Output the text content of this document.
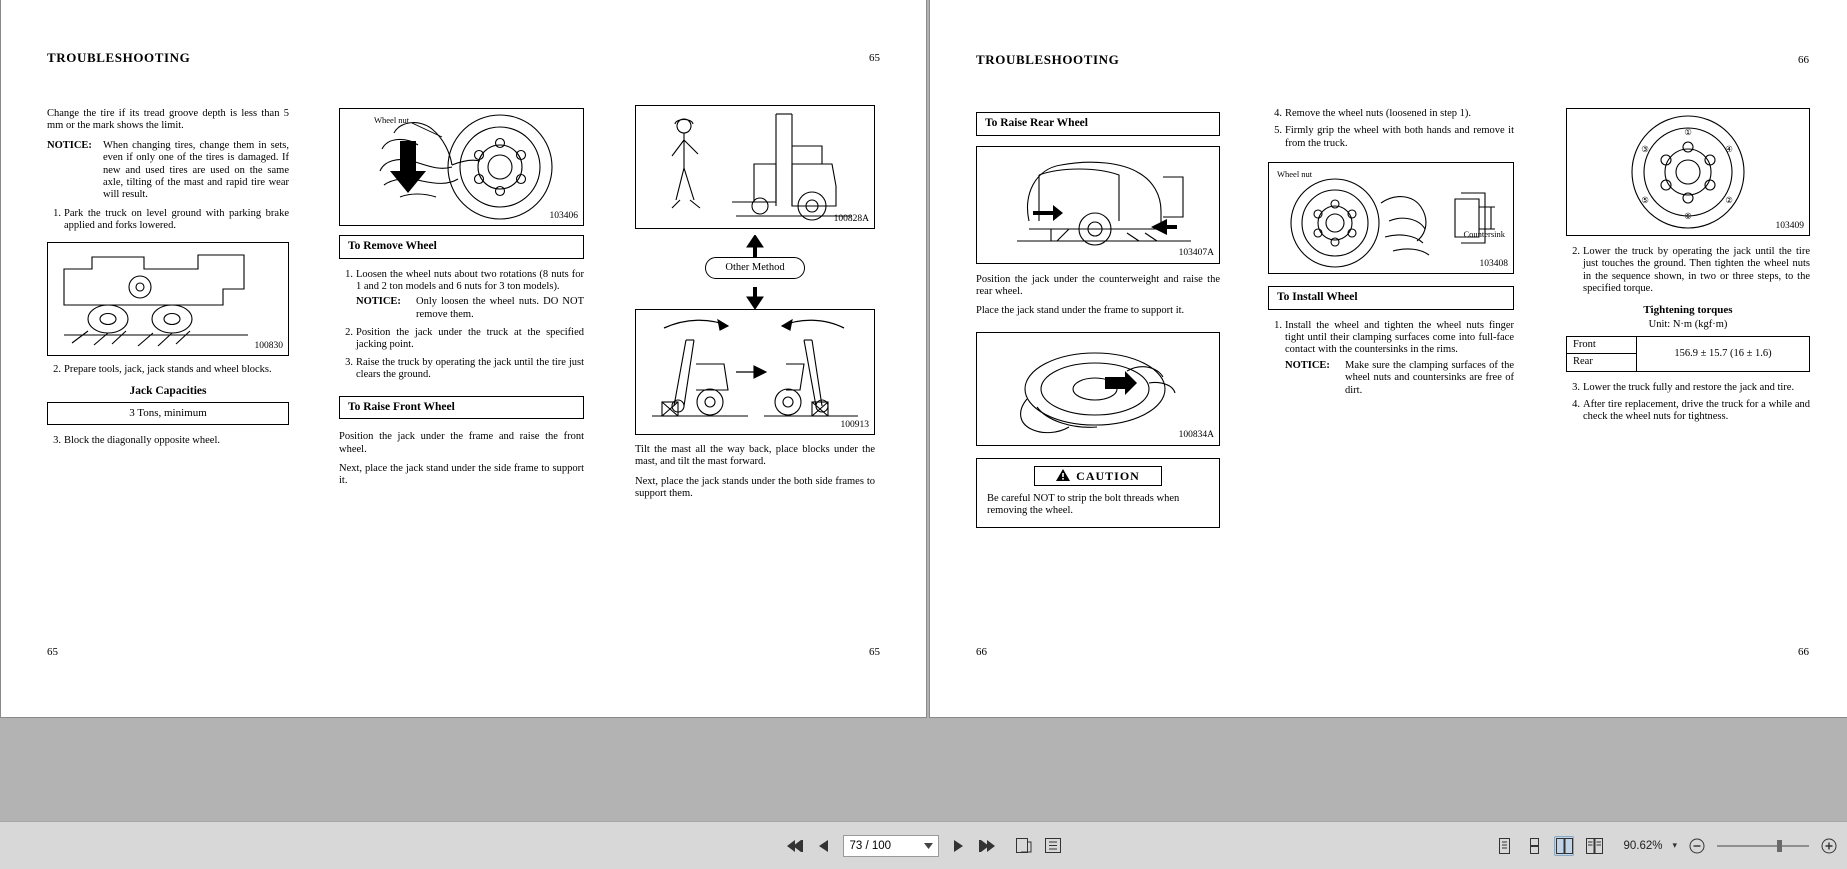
TROUBLESHOOTING	65

Change the tire if its tread groove depth is less than 5 mm or the mark shows the limit.

NOTICE: When changing tires, change them in sets, even if only one of the tires is damaged. If new and used tires are used on the same axle, tilting of the mast and rapid tire wear will result.
1. Park the truck on level ground with parking brake applied and forks lowered.
100830
2. Prepare tools, jack, jack stands and wheel blocks.
Jack Capacities
3 Tons, minimum
3. Block the diagonally opposite wheel.
Wheel nut
103406
To Remove Wheel
1. Loosen the wheel nuts about two rotations (8 nuts for 1 and 2 ton models and 6 nuts for 3 ton models).
NOTICE: Only loosen the wheel nuts. DO NOT remove them.
2. Position the jack under the truck at the specified jacking point.
3. Raise the truck by operating the jack until the tire just clears the ground.
To Raise Front Wheel

Position the jack under the frame and raise the front wheel.

Next, place the jack stand under the side frame to support it.

100828A
Other Method
100913

Tilt the mast all the way back, place blocks under the mast, and tilt the mast forward.

Next, place the jack stands under the both side frames to support them.

65	65
TROUBLESHOOTING	66
To Raise Rear Wheel
103407A

Position the jack under the counterweight and raise the rear wheel.

Place the jack stand under the frame to support it.

100834A
CAUTION
Be careful NOT to strip the bolt threads when removing the wheel.
4. Remove the wheel nuts (loosened in step 1).
5. Firmly grip the wheel with both hands and remove it from the truck.
Wheel nut
Countersink
103408
To Install Wheel
1. Install the wheel and tighten the wheel nuts finger tight until their clamping surfaces come into full-face contact with the countersinks in the rims.
NOTICE: Make sure the clamping surfaces of the wheel nuts and countersinks are free of dirt.
①
④
②
⑥
⑤
③
103409
2. Lower the truck by operating the jack until the tire just touches the ground. Then tighten the wheel nuts in the sequence shown, in two or three steps, to the specified torque.
Tightening torques
Unit: N·m (kgf·m)
Front	156.9 ± 15.7 (16 ± 1.6)
Rear
3. Lower the truck fully and restore the jack and tire.
4. After tire replacement, drive the truck for a while and check the wheel nuts for tightness.
66	66
73 / 100	90.62% ▾
